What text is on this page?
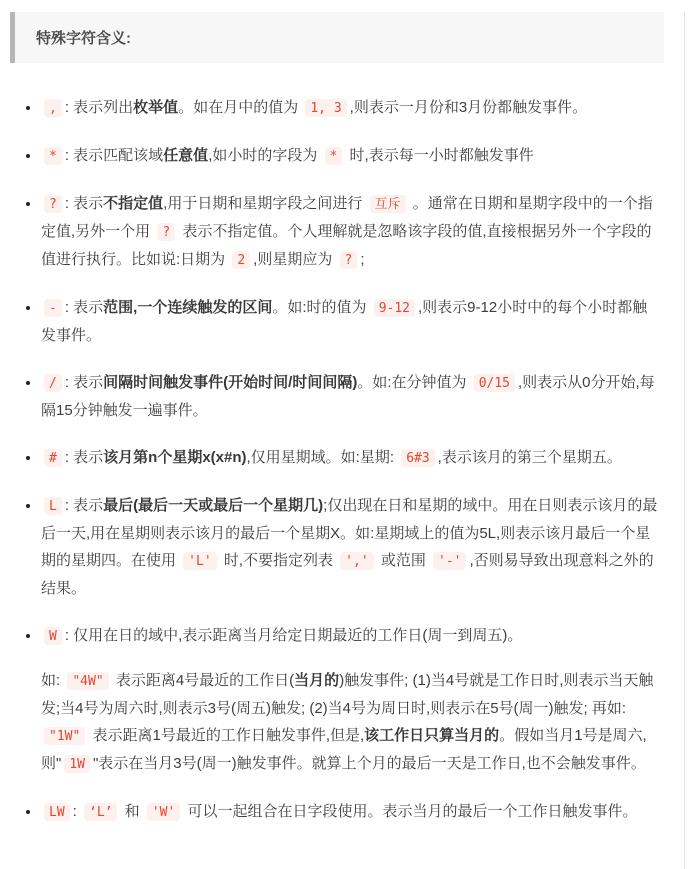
特殊字符含义:

• , : 表示列出枚举值。如在月中的值为 1, 3 ,则表示一月份和3月份都触发事件。

• * : 表示匹配该域任意值,如小时的字段为 * 时,表示每一小时都触发事件

• ? : 表示不指定值,用于日期和星期字段之间进行 互斥 。通常在日期和星期字段中的一个指定值,另外一个用 ? 表示不指定值。个人理解就是忽略该字段的值,直接根据另外一个字段的值进行执行。比如说:日期为 2 ,则星期应为 ? ;

• - : 表示范围,一个连续触发的区间。如:时的值为 9-12 ,则表示9-12小时中的每个小时都触发事件。

• / : 表示间隔时间触发事件(开始时间/时间间隔)。如:在分钟值为 0/15 ,则表示从0分开始,每隔15分钟触发一遍事件。

• # : 表示该月第n个星期x(x#n),仅用星期域。如:星期: 6#3 ,表示该月的第三个星期五。

• L : 表示最后(最后一天或最后一个星期几);仅出现在日和星期的域中。用在日则表示该月的最后一天,用在星期则表示该月的最后一个星期X。如:星期域上的值为5L,则表示该月最后一个星期的星期四。在使用 'L' 时,不要指定列表 ',' 或范围 '-' ,否则易导致出现意料之外的结果。

• W : 仅用在日的域中,表示距离当月给定日期最近的工作日(周一到周五)。

如: "4W" 表示距离4号最近的工作日(当月的)触发事件; (1)当4号就是工作日时,则表示当天触发;当4号为周六时,则表示3号(周五)触发; (2)当4号为周日时,则表示在5号(周一)触发; 再如: "1W" 表示距离1号最近的工作日触发事件,但是,该工作日只算当月的。假如当月1号是周六,则" 1W "表示在当月3号(周一)触发事件。就算上个月的最后一天是工作日,也不会触发事件。

• LW : ‘L’ 和 'W' 可以一起组合在日字段使用。表示当月的最后一个工作日触发事件。
